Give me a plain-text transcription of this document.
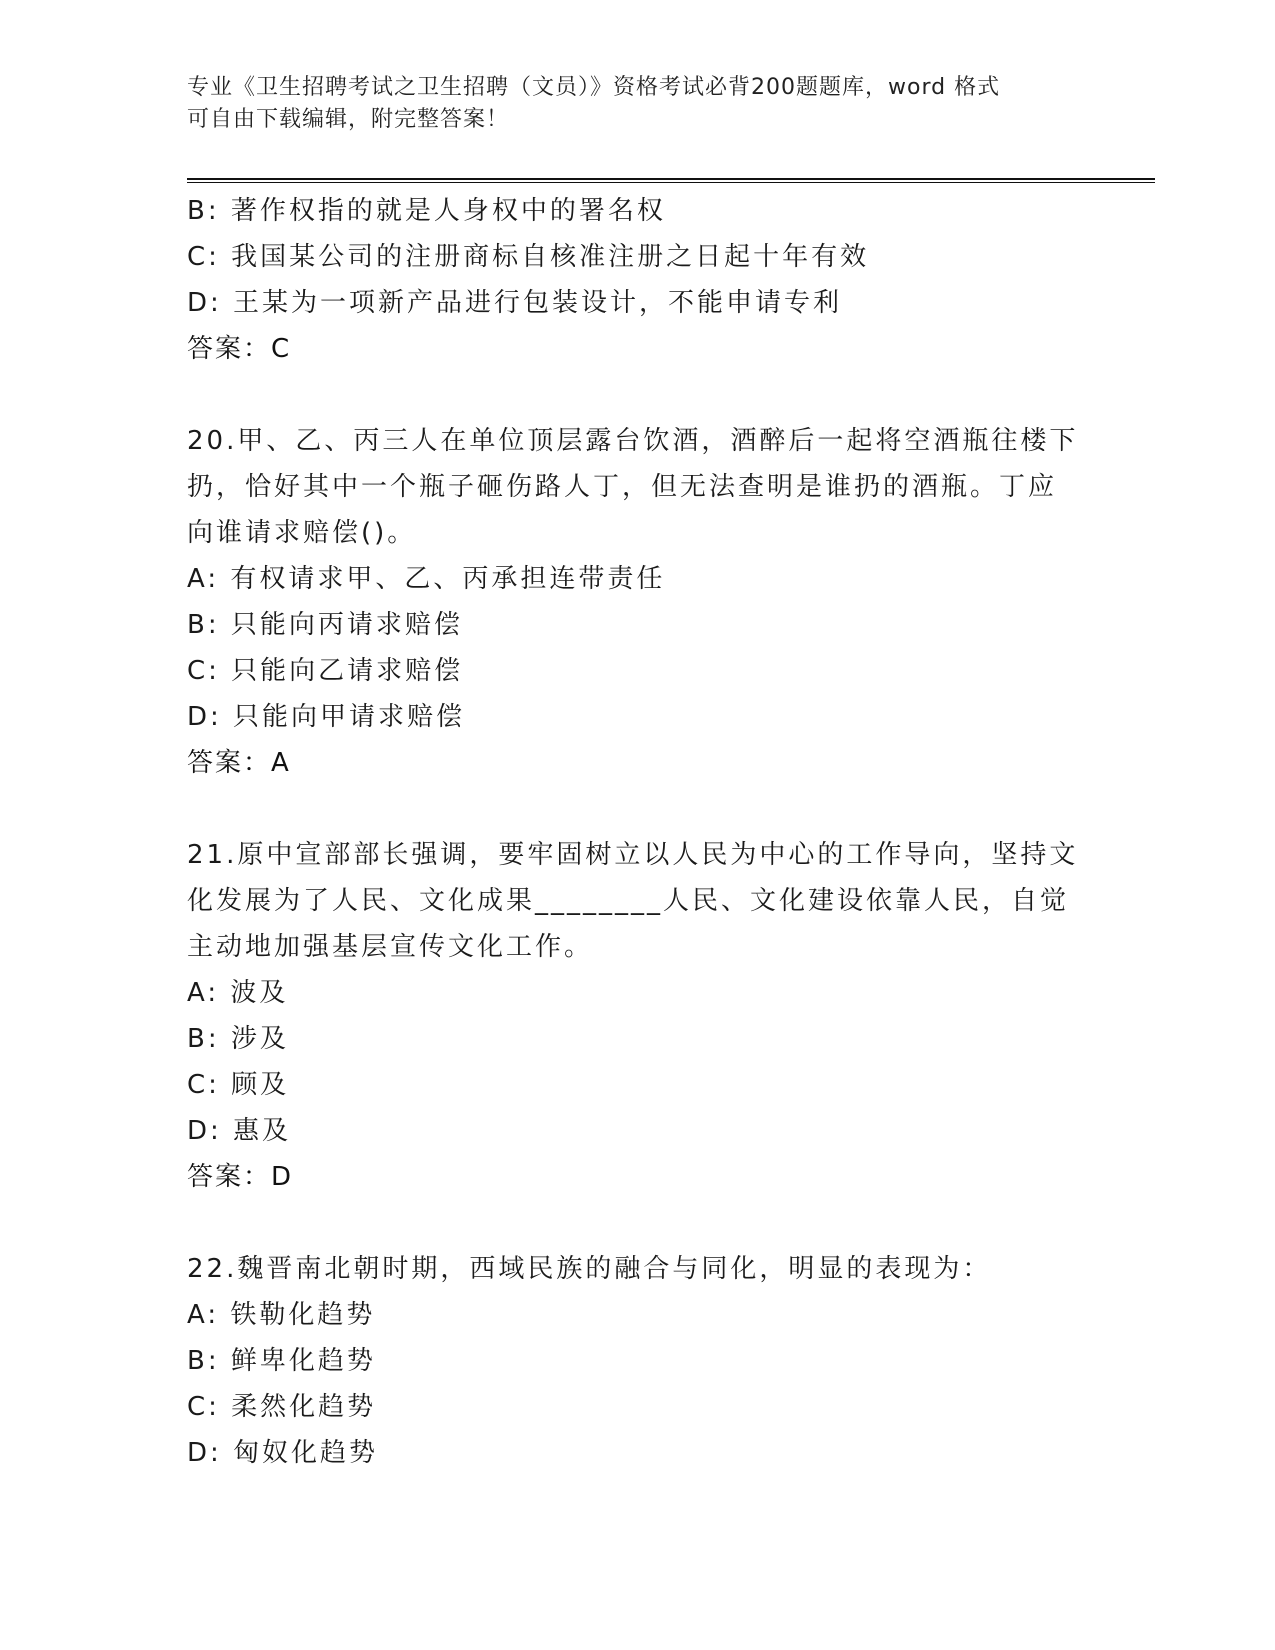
专业《卫生招聘考试之卫生招聘（文员）》资格考试必背200题题库，word 格式
可自由下载编辑，附完整答案！
B: 著作权指的就是人身权中的署名权
C: 我国某公司的注册商标自核准注册之日起十年有效
D: 王某为一项新产品进行包装设计，不能申请专利
答案：C
20.甲、乙、丙三人在单位顶层露台饮酒，酒醉后一起将空酒瓶往楼下
扔，恰好其中一个瓶子砸伤路人丁，但无法查明是谁扔的酒瓶。丁应
向谁请求赔偿()。
A: 有权请求甲、乙、丙承担连带责任
B: 只能向丙请求赔偿
C: 只能向乙请求赔偿
D: 只能向甲请求赔偿
答案：A
21.原中宣部部长强调，要牢固树立以人民为中心的工作导向，坚持文
化发展为了人民、文化成果________人民、文化建设依靠人民，自觉
主动地加强基层宣传文化工作。
A: 波及
B: 涉及
C: 顾及
D: 惠及
答案：D
22.魏晋南北朝时期，西域民族的融合与同化，明显的表现为：
A: 铁勒化趋势
B: 鲜卑化趋势
C: 柔然化趋势
D: 匈奴化趋势
